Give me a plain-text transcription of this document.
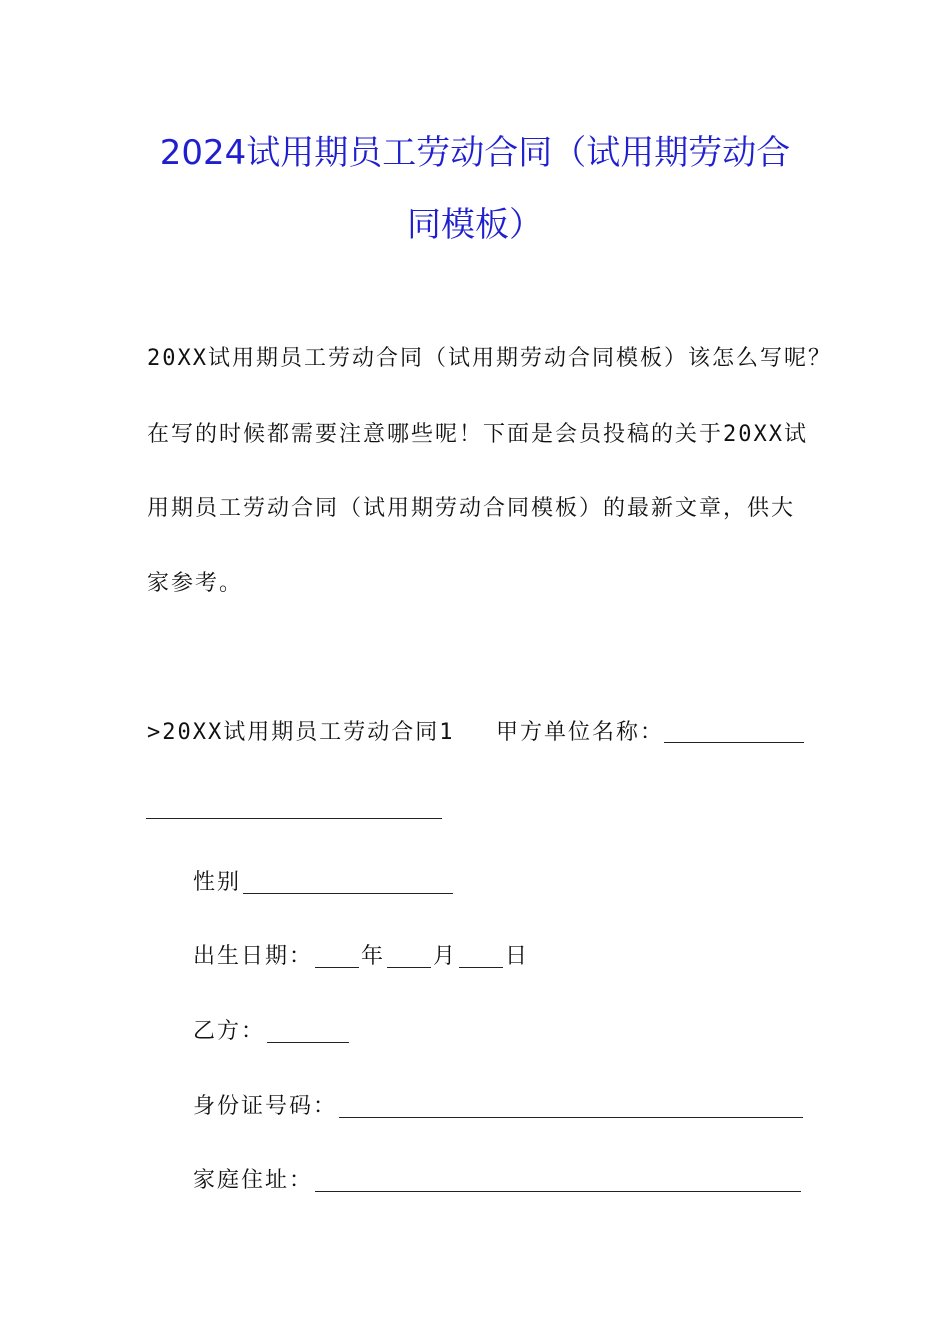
2024试用期员工劳动合同（试用期劳动合
同模板）
20XX试用期员工劳动合同（试用期劳动合同模板）该怎么写呢？
在写的时候都需要注意哪些呢！下面是会员投稿的关于20XX试
用期员工劳动合同（试用期劳动合同模板）的最新文章，供大
家参考。
>20XX试用期员工劳动合同1 甲方单位名称：
性别
出生日期： 年 月 日
乙方：
身份证号码：
家庭住址：
